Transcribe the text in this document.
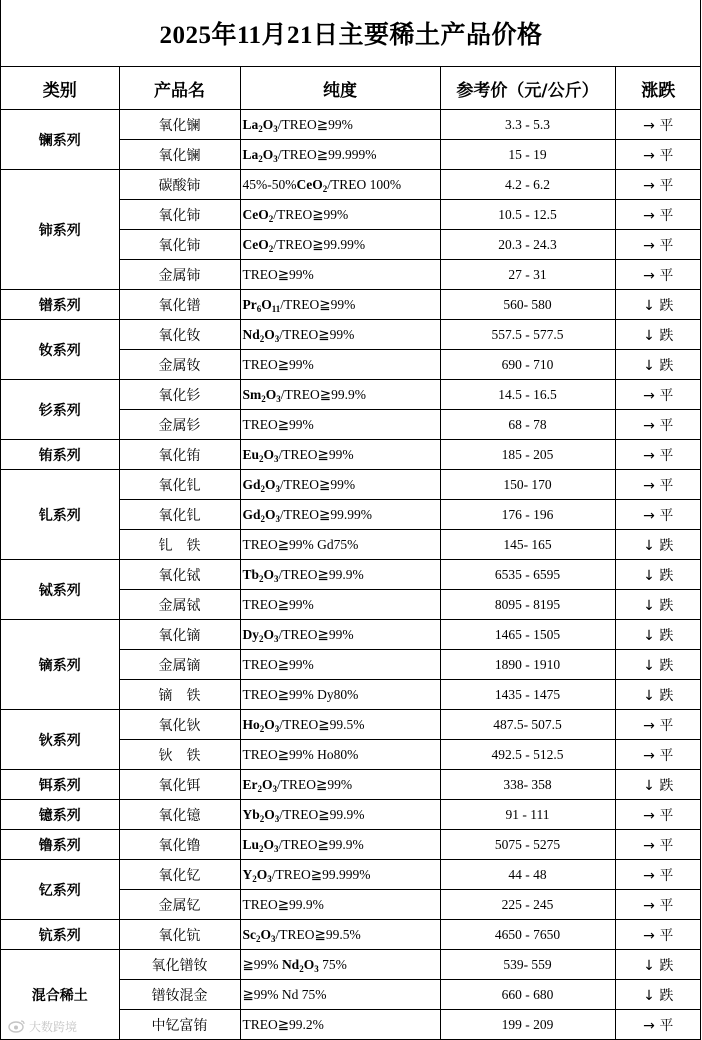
2025年11月21日主要稀土产品价格
类别	产品名	纯度	参考价（元/公斤）	涨跌
镧系列	氧化镧	$La_2O_3/TREO≧99\%$	3.3 - 5.3	→ 平
	氧化镧	$La_2O_3/TREO≧99.999\%$	15 - 19	→ 平
铈系列	碳酸铈	45%-50%CeO$_2$/TREO 100%	4.2 - 6.2	→ 平
	氧化铈	CeO$_2$/TREO≧99%	10.5 - 12.5	→ 平
	氧化铈	CeO$_2$/TREO≧99.99%	20.3 - 24.3	→ 平
	金属铈	TREO≧99%	27 - 31	→ 平
镨系列	氧化镨	$Pr_6O_{11}/TREO≧99\%$	560- 580	↓ 跌
钕系列	氧化钕	$Nd_2O_3/TREO≧99\%$	557.5 - 577.5	↓ 跌
	金属钕	TREO≧99%	690 - 710	↓ 跌
钐系列	氧化钐	$Sm_2O_3/TREO≧99.9\%$	14.5 - 16.5	→ 平
	金属钐	TREO≧99%	68 - 78	→ 平
铕系列	氧化铕	$Eu_2O_3/TREO≧99\%$	185 - 205	→ 平
钆系列	氧化钆	$Gd_2O_3/TREO≧99\%$	150- 170	→ 平
	氧化钆	$Gd_2O_3/TREO≧99.99\%$	176 - 196	→ 平
	钆　铁	TREO≧99% Gd75%	145- 165	↓ 跌
铽系列	氧化铽	$Tb_2O_3/TREO≧99.9\%$	6535 - 6595	↓ 跌
	金属铽	TREO≧99%	8095 - 8195	↓ 跌
镝系列	氧化镝	$Dy_2O_3/TREO≧99\%$	1465 - 1505	↓ 跌
	金属镝	TREO≧99%	1890 - 1910	↓ 跌
	镝　铁	TREO≧99% Dy80%	1435 - 1475	↓ 跌
钬系列	氧化钬	$Ho_2O_3/TREO≧99.5\%$	487.5- 507.5	→ 平
	钬　铁	TREO≧99% Ho80%	492.5 - 512.5	→ 平
铒系列	氧化铒	$Er_2O_3/TREO≧99\%$	338- 358	↓ 跌
镱系列	氧化镱	$Yb_2O_3/TREO≧99.9\%$	91 - 111	→ 平
镥系列	氧化镥	$Lu_2O_3/TREO≧99.9\%$	5075 - 5275	→ 平
钇系列	氧化钇	$Y_2O_3/TREO≧99.999\%$	44 - 48	→ 平
	金属钇	TREO≧99.9%	225 - 245	→ 平
钪系列	氧化钪	$Sc_2O_3/TREO≧99.5\%$	4650 - 7650	→ 平
混合稀土	氧化镨钕	≧99% $Nd_2O_3$ 75%	539- 559	↓ 跌
	镨钕混金	≧99% Nd 75%	660 - 680	↓ 跌
	中钇富铕	TREO≧99.2%	199 - 209	→ 平
大数跨境
